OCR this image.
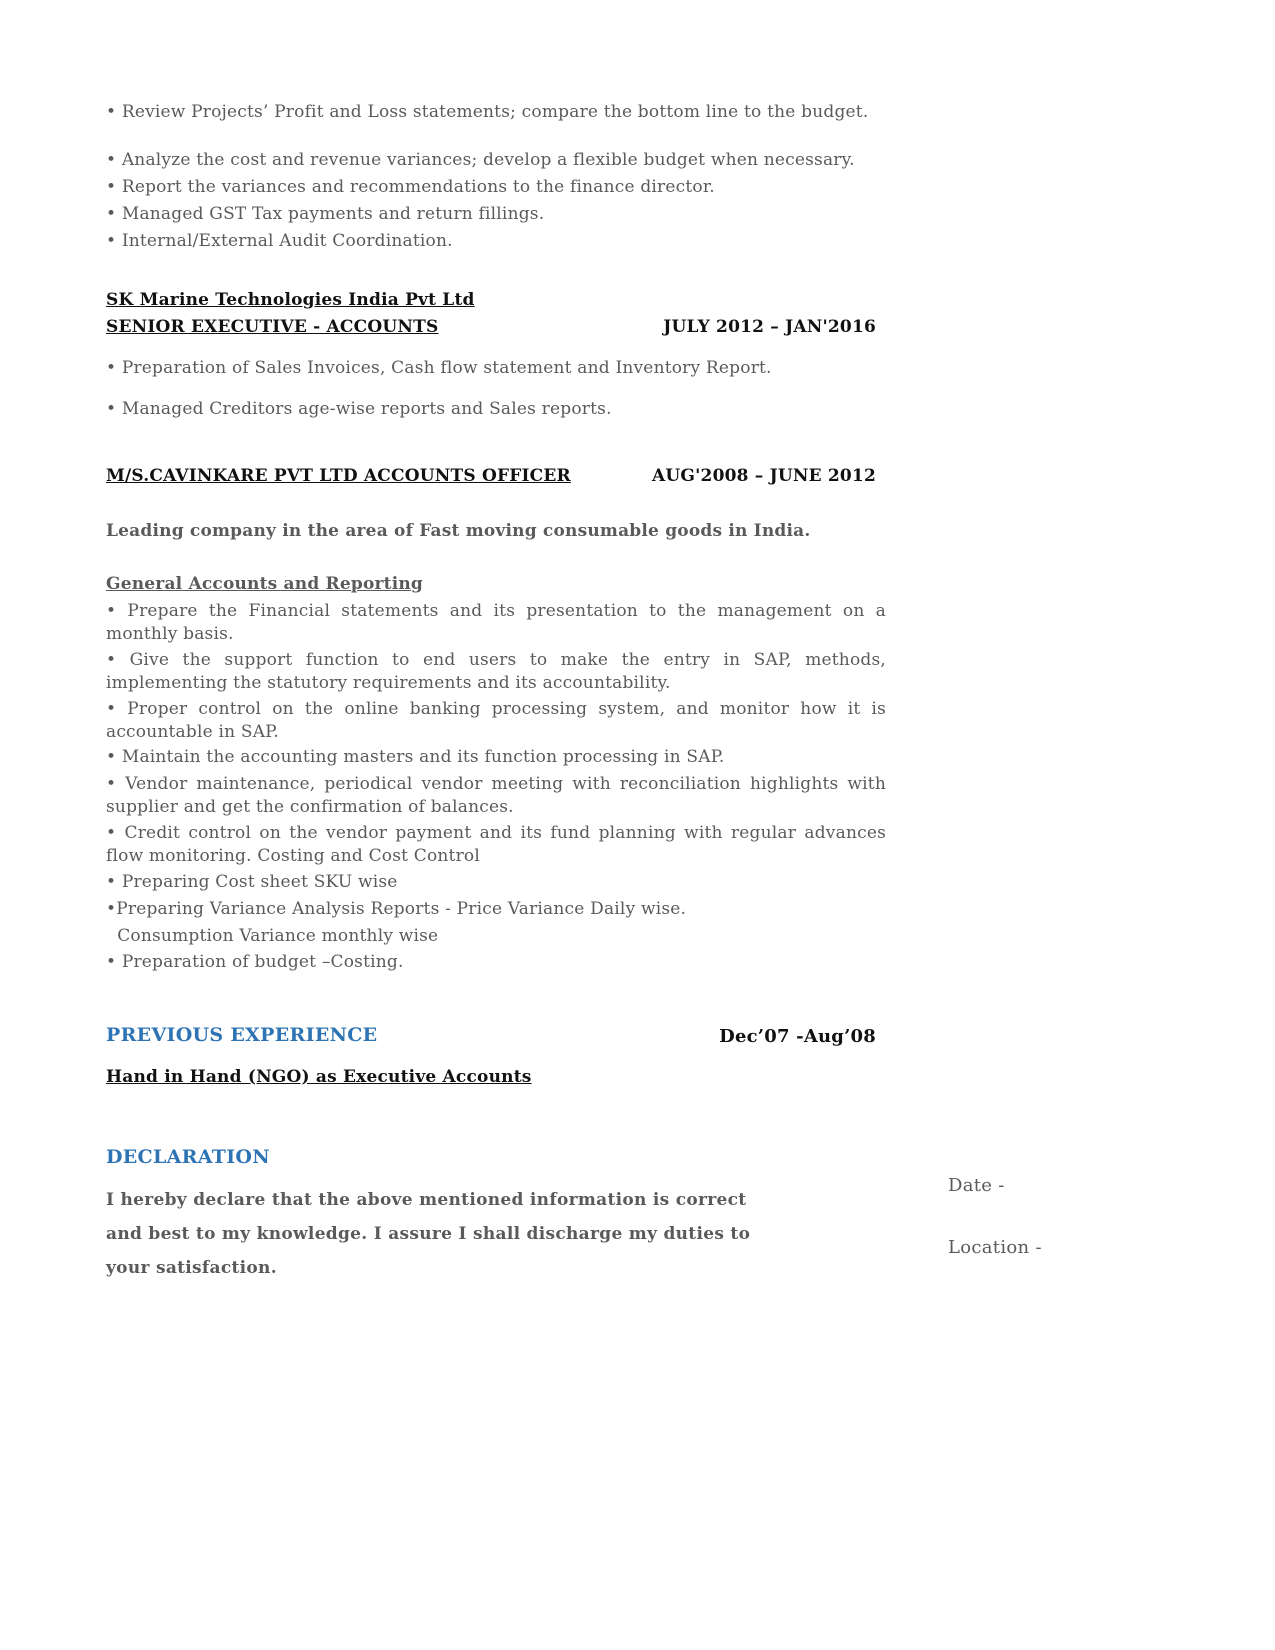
• Review Projects’ Profit and Loss statements; compare the bottom line to the budget.

• Analyze the cost and revenue variances; develop a flexible budget when necessary.

• Report the variances and recommendations to the finance director.

• Managed GST Tax payments and return fillings.

• Internal/External Audit Coordination.

SK Marine Technologies India Pvt Ltd

SENIOR EXECUTIVE - ACCOUNTS	JULY 2012 – JAN'2016

• Preparation of Sales Invoices, Cash flow statement and Inventory Report.

• Managed Creditors age-wise reports and Sales reports.

M/S.CAVINKARE PVT LTD ACCOUNTS OFFICER	AUG'2008 – JUNE 2012

Leading company in the area of Fast moving consumable goods in India.

General Accounts and Reporting

• Prepare the Financial statements and its presentation to the management on a monthly basis.

• Give the support function to end users to make the entry in SAP, methods, implementing the statutory requirements and its accountability.

• Proper control on the online banking processing system, and monitor how it is accountable in SAP.

• Maintain the accounting masters and its function processing in SAP.

• Vendor maintenance, periodical vendor meeting with reconciliation highlights with supplier and get the confirmation of balances.

• Credit control on the vendor payment and its fund planning with regular advances flow monitoring. Costing and Cost Control

• Preparing Cost sheet SKU wise

•Preparing Variance Analysis Reports - Price Variance Daily wise.

Consumption Variance monthly wise

• Preparation of budget –Costing.

PREVIOUS EXPERIENCE	Dec’07 -Aug’08

Hand in Hand (NGO) as Executive Accounts

DECLARATION

I hereby declare that the above mentioned information is correct and best to my knowledge. I assure I shall discharge my duties to your satisfaction.

Date -

Location -
